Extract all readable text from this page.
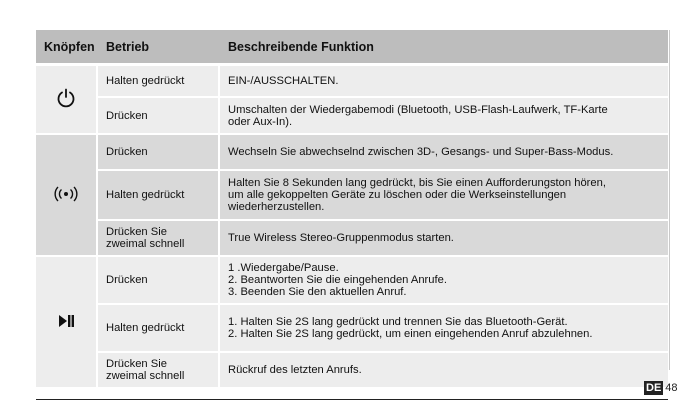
Knöpfen	Betrieb	Beschreibende Funktion
	Halten gedrückt	EIN-/AUSSCHALTEN.

	Drücken	Umschalten der Wiedergabemodi (Bluetooth, USB-Flash-Laufwerk, TF-Karte
oder Aux-In).

	Drücken	Wechseln Sie abwechselnd zwischen 3D-, Gesangs- und Super-Bass-Modus.

	Halten gedrückt	Halten Sie 8 Sekunden lang gedrückt, bis Sie einen Aufforderungston hören,
um alle gekoppelten Geräte zu löschen oder die Werkseinstellungen
wiederherzustellen.

	Drücken Sie zweimal schnell	True Wireless Stereo-Gruppenmodus starten.

	Drücken	1 .Wiedergabe/Pause.
2. Beantworten Sie die eingehenden Anrufe.
3. Beenden Sie den aktuellen Anruf.

	Halten gedrückt	1. Halten Sie 2S lang gedrückt und trennen Sie das Bluetooth-Gerät.
2. Halten Sie 2S lang gedrückt, um einen eingehenden Anruf abzulehnen.

	Drücken Sie zweimal schnell	Rückruf des letzten Anrufs.
DE 48
